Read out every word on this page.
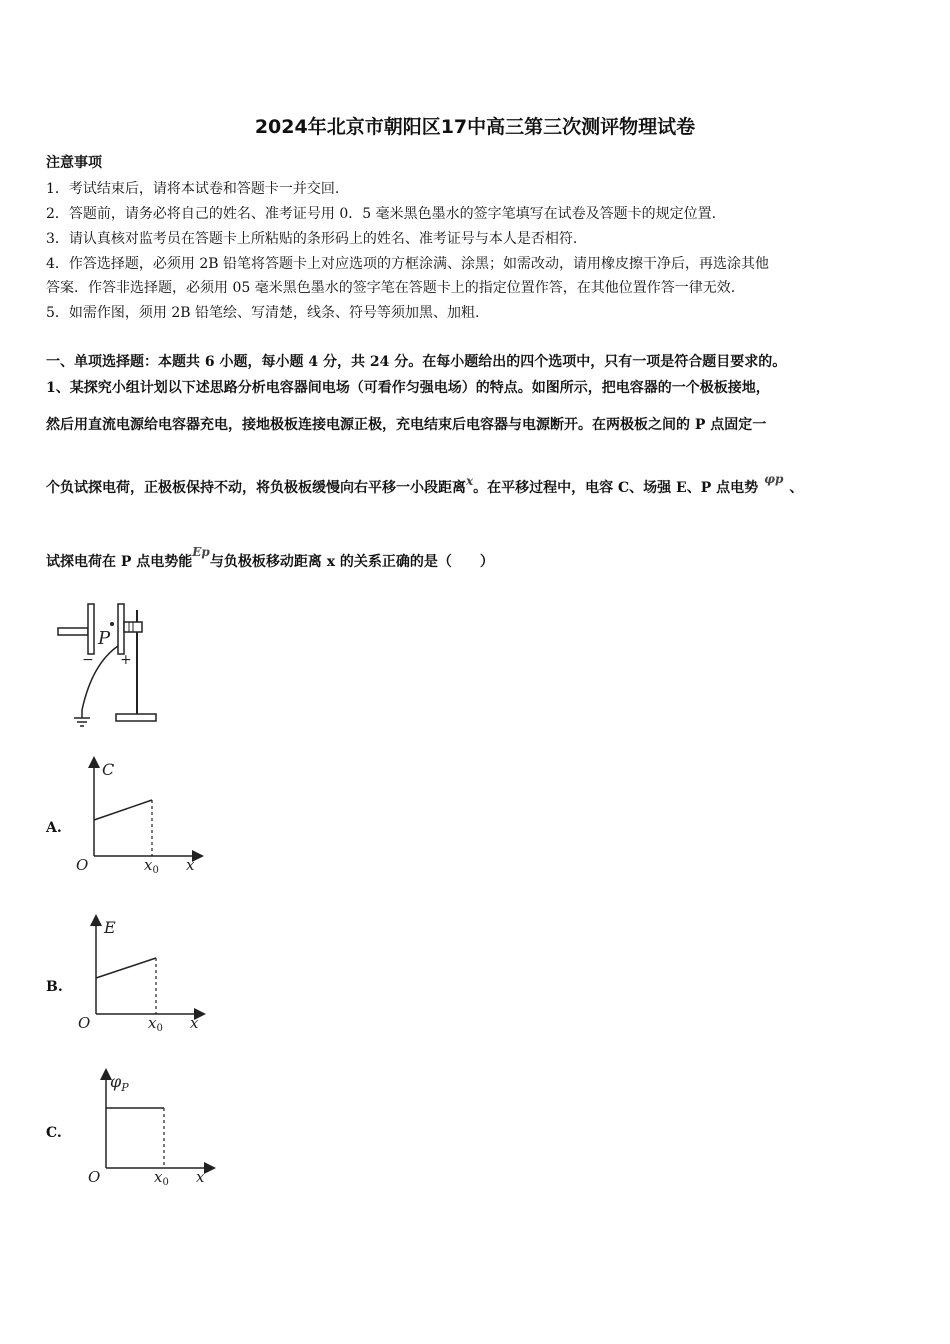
2024年北京市朝阳区17中高三第三次测评物理试卷
注意事项
1．考试结束后，请将本试卷和答题卡一并交回.
2．答题前，请务必将自己的姓名、准考证号用 0．5 毫米黑色墨水的签字笔填写在试卷及答题卡的规定位置.
3．请认真核对监考员在答题卡上所粘贴的条形码上的姓名、准考证号与本人是否相符.
4．作答选择题，必须用 2B 铅笔将答题卡上对应选项的方框涂满、涂黑；如需改动，请用橡皮擦干净后，再选涂其他
答案．作答非选择题，必须用 05 毫米黑色墨水的签字笔在答题卡上的指定位置作答，在其他位置作答一律无效.
5．如需作图，须用 2B 铅笔绘、写清楚，线条、符号等须加黑、加粗.
一、单项选择题：本题共 6 小题，每小题 4 分，共 24 分。在每小题给出的四个选项中，只有一项是符合题目要求的。
1、某探究小组计划以下述思路分析电容器间电场（可看作匀强电场）的特点。如图所示，把电容器的一个极板接地，
然后用直流电源给电容器充电，接地极板连接电源正极，充电结束后电容器与电源断开。在两极板之间的 P 点固定一
个负试探电荷，正极板保持不动，将负极板缓慢向右平移一小段距离x。在平移过程中，电容 C、场强 E、P 点电势φp、
试探电荷在 P 点电势能Ep与负极板移动距离 x 的关系正确的是（　　）
P
− +
A.
C
O	$x_0$ x
B.
E
O	$x_0$ x
C.
$\varphi_P$
O	$x_0$ x
